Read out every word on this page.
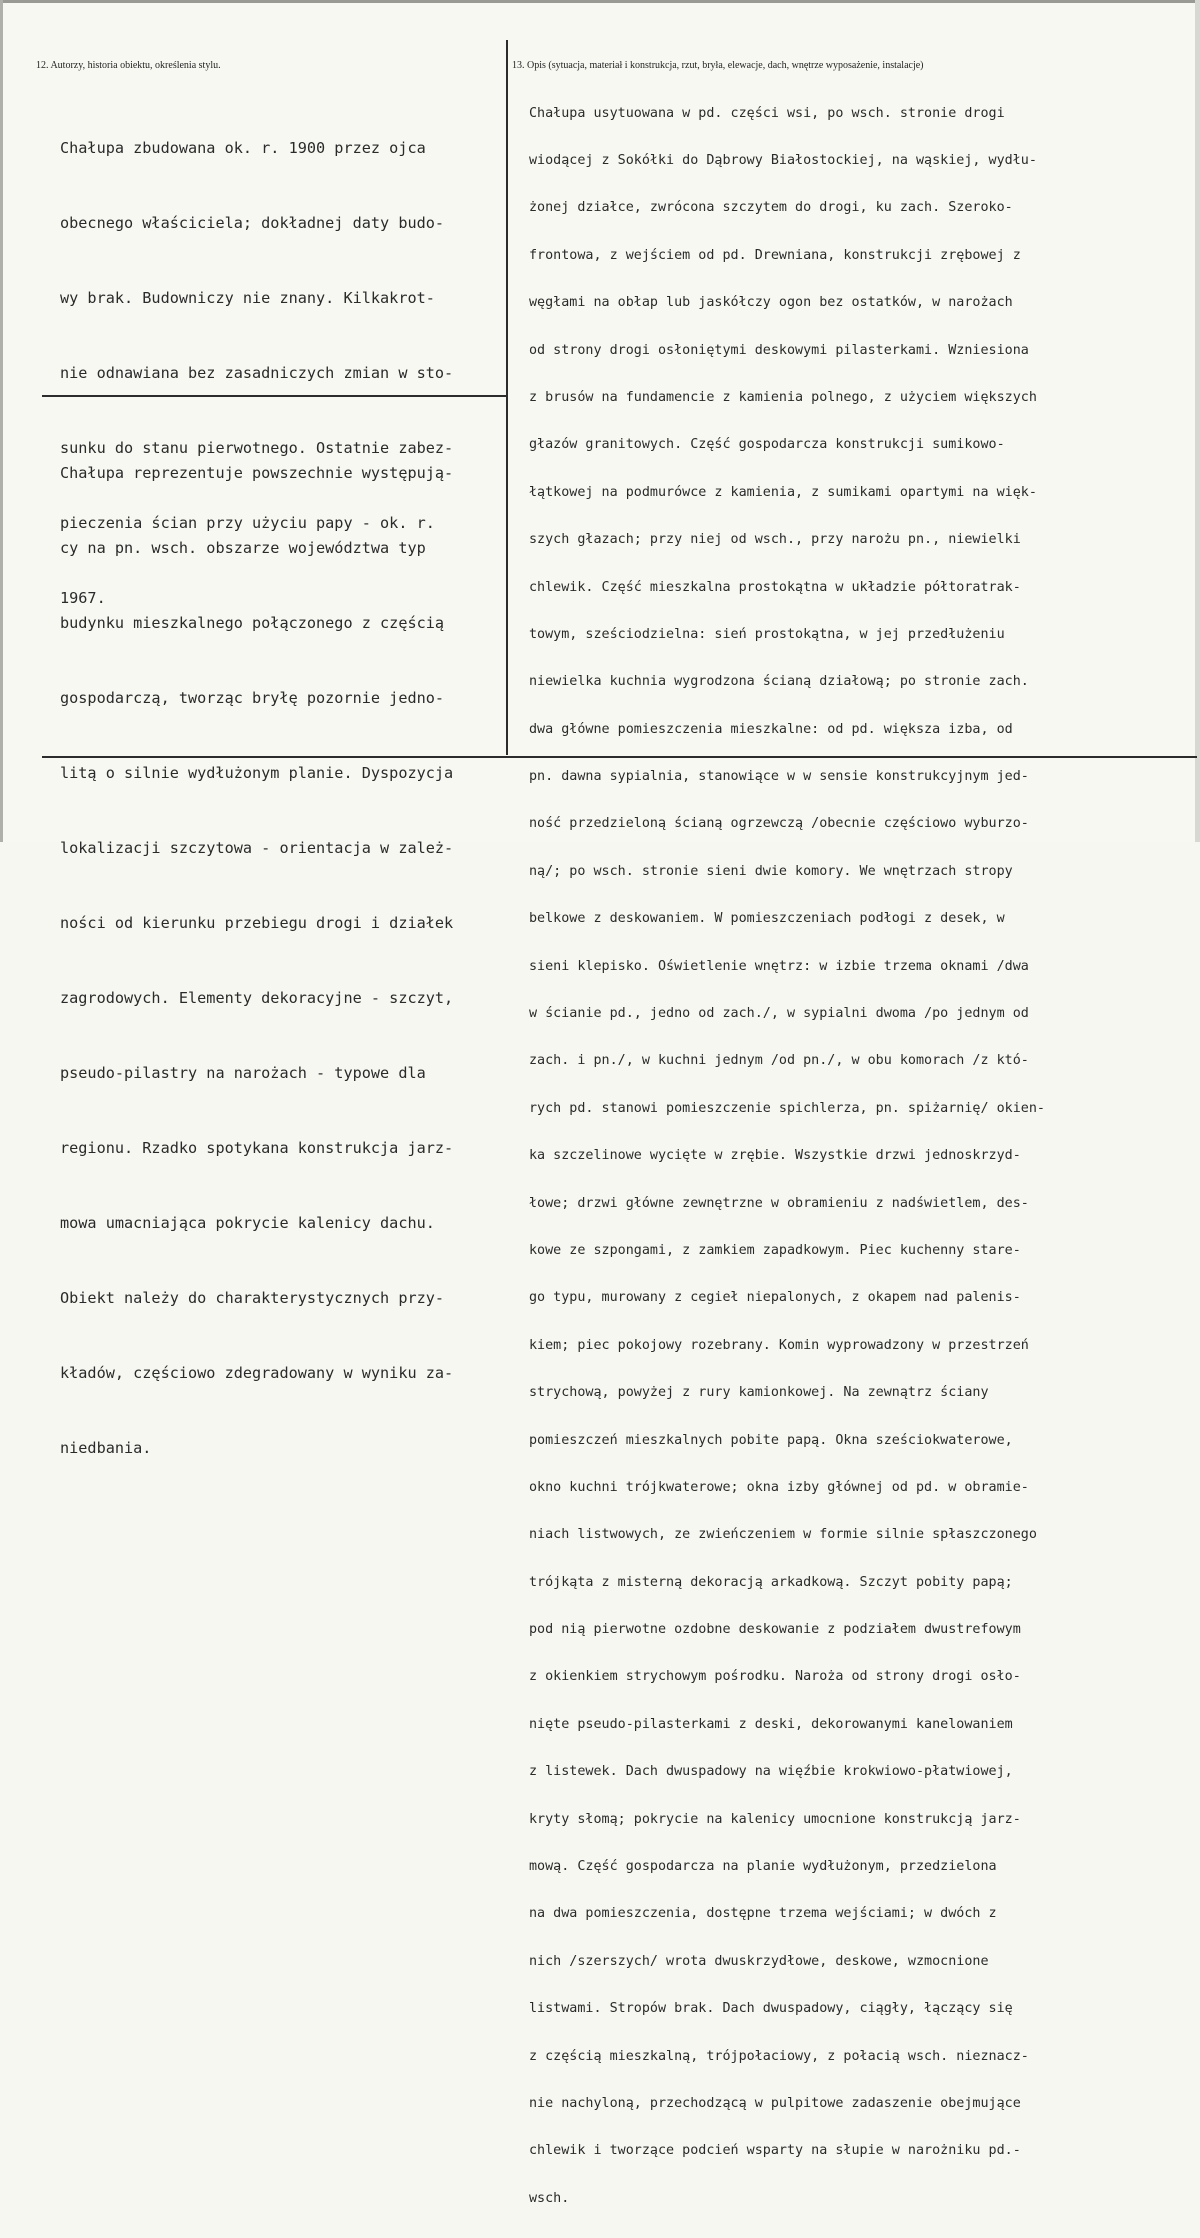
12. Autorzy, historia obiektu, określenia stylu.	13. Opis (sytuacja, materiał i konstrukcja, rzut, bryła, elewacje, dach, wnętrze wyposażenie, instalacje)

Chałupa zbudowana ok. r. 1900 przez ojca

obecnego właściciela; dokładnej daty budo-

wy brak. Budowniczy nie znany. Kilkakrot-

nie odnawiana bez zasadniczych zmian w sto-

sunku do stanu pierwotnego. Ostatnie zabez-

pieczenia ścian przy użyciu papy - ok. r.

1967.

Chałupa reprezentuje powszechnie występują-

cy na pn. wsch. obszarze województwa typ

budynku mieszkalnego połączonego z częścią

gospodarczą, tworząc bryłę pozornie jedno-

litą o silnie wydłużonym planie. Dyspozycja

lokalizacji szczytowa - orientacja w zależ-

ności od kierunku przebiegu drogi i działek

zagrodowych. Elementy dekoracyjne - szczyt,

pseudo-pilastry na narożach - typowe dla

regionu. Rzadko spotykana konstrukcja jarz-

mowa umacniająca pokrycie kalenicy dachu.

Obiekt należy do charakterystycznych przy-

kładów, częściowo zdegradowany w wyniku za-

niedbania.

Chałupa usytuowana w pd. części wsi, po wsch. stronie drogi

wiodącej z Sokółki do Dąbrowy Białostockiej, na wąskiej, wydłu-

żonej działce, zwrócona szczytem do drogi, ku zach. Szeroko-

frontowa, z wejściem od pd. Drewniana, konstrukcji zrębowej z

węgłami na obłap lub jaskółczy ogon bez ostatków, w narożach

od strony drogi osłoniętymi deskowymi pilasterkami. Wzniesiona

z brusów na fundamencie z kamienia polnego, z użyciem większych

głazów granitowych. Część gospodarcza konstrukcji sumikowo-

łątkowej na podmurówce z kamienia, z sumikami opartymi na więk-

szych głazach; przy niej od wsch., przy narożu pn., niewielki

chlewik. Część mieszkalna prostokątna w układzie półtoratrak-

towym, sześciodzielna: sień prostokątna, w jej przedłużeniu

niewielka kuchnia wygrodzona ścianą działową; po stronie zach.

dwa główne pomieszczenia mieszkalne: od pd. większa izba, od

pn. dawna sypialnia, stanowiące w w sensie konstrukcyjnym jed-

ność przedzieloną ścianą ogrzewczą /obecnie częściowo wyburzo-

ną/; po wsch. stronie sieni dwie komory. We wnętrzach stropy

belkowe z deskowaniem. W pomieszczeniach podłogi z desek, w

sieni klepisko. Oświetlenie wnętrz: w izbie trzema oknami /dwa

w ścianie pd., jedno od zach./, w sypialni dwoma /po jednym od

zach. i pn./, w kuchni jednym /od pn./, w obu komorach /z któ-

rych pd. stanowi pomieszczenie spichlerza, pn. spiżarnię/ okien-

ka szczelinowe wycięte w zrębie. Wszystkie drzwi jednoskrzyd-

łowe; drzwi główne zewnętrzne w obramieniu z nadświetlem, des-

kowe ze szpongami, z zamkiem zapadkowym. Piec kuchenny stare-

go typu, murowany z cegieł niepalonych, z okapem nad palenis-

kiem; piec pokojowy rozebrany. Komin wyprowadzony w przestrzeń

strychową, powyżej z rury kamionkowej. Na zewnątrz ściany

pomieszczeń mieszkalnych pobite papą. Okna sześciokwaterowe,

okno kuchni trójkwaterowe; okna izby głównej od pd. w obramie-

niach listwowych, ze zwieńczeniem w formie silnie spłaszczonego

trójkąta z misterną dekoracją arkadkową. Szczyt pobity papą;

pod nią pierwotne ozdobne deskowanie z podziałem dwustrefowym

z okienkiem strychowym pośrodku. Naroża od strony drogi osło-

nięte pseudo-pilasterkami z deski, dekorowanymi kanelowaniem

z listewek. Dach dwuspadowy na więźbie krokwiowo-płatwiowej,

kryty słomą; pokrycie na kalenicy umocnione konstrukcją jarz-

mową. Część gospodarcza na planie wydłużonym, przedzielona

na dwa pomieszczenia, dostępne trzema wejściami; w dwóch z

nich /szerszych/ wrota dwuskrzydłowe, deskowe, wzmocnione

listwami. Stropów brak. Dach dwuspadowy, ciągły, łączący się

z częścią mieszkalną, trójpołaciowy, z połacią wsch. nieznacz-

nie nachyloną, przechodzącą w pulpitowe zadaszenie obejmujące

chlewik i tworzące podcień wsparty na słupie w narożniku pd.-

wsch.
